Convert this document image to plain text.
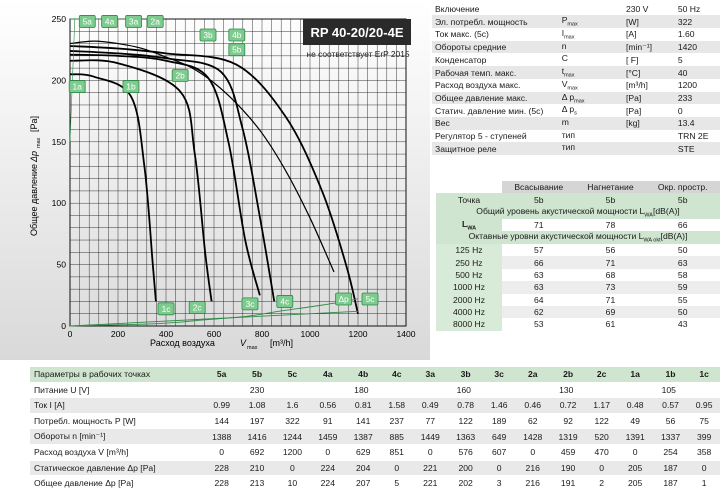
0	200	400	600	800	1000	1200	1400
0
50
100
150
200
250
1a	1b
2a
2b
3a
3b
4a
4b
5a
5b
1c	2c	3c	4c	Δp 5c
Расход воздуха	V max [m³/h]
Общее давление
Δp
max
[Pa]
RP 40-20/20-4E
не соответствует ErP 2015
Включение		230 V	50 Hz
Эл. потребл. мощность	$P_{max}$	[W]	322
Ток макс. (5c)	$I_{max}$	[A]	1.60
Обороты средние	n	[min⁻¹]	1420
Конденсатор	C	[ F]	5
Рабочая темп. макс.	$t_{max}$	[°C]	40
Расход воздуха макс.	$V_{max}$	[m³/h]	1200
Общее давление макс.	Δ $p_{max}$	[Pa]	233
Статич. давление мин. (5c)	Δ $p_s$	[Pa]	0
Вес	m	[kg]	13.4
Регулятор 5 - ступеней	тип		TRN 2E
Защитное реле	тип		STE
	Всасывание	Нагнетание	Окр. простр.
Точка	5b	5b	5b
Общий уровень акустической мощности $L_{WA}[dB(A)]$			
$L_{WA}$	71	78	66
Октавные уровни акустической мощности $L_{WA okt}[dB(A)]$			
125 Hz	57	56	50
250 Hz	66	71	63
500 Hz	63	68	58
1000 Hz	63	73	59
2000 Hz	64	71	55
4000 Hz	62	69	50
8000 Hz	53	61	43
Параметры в рабочих точках	5a	5b	5c	4a	4b	4c	3a	3b	3c	2a	2b	2c	1a	1b	1c
Питание U [V]	230			180			160			130			105		
Ток I [A]	0.99	1.08	1.6	0.56	0.81	1.58	0.49	0.78	1.46	0.46	0.72	1.17	0.48	0.57	0.95
Потребл. мощность P [W]	144	197	322	91	141	237	77	122	189	62	92	122	49	56	75
Обороты n [min⁻¹]	1388	1416	1244	1459	1387	885	1449	1363	649	1428	1319	520	1391	1337	399
Расход воздуха V [m³/h]	0	692	1200	0	629	851	0	576	607	0	459	470	0	254	358
Статическое давление Δp [Pa]	228	210	0	224	204	0	221	200	0	216	190	0	205	187	0
Общее давление Δp [Pa]	228	213	10	224	207	5	221	202	3	216	191	2	205	187	1
